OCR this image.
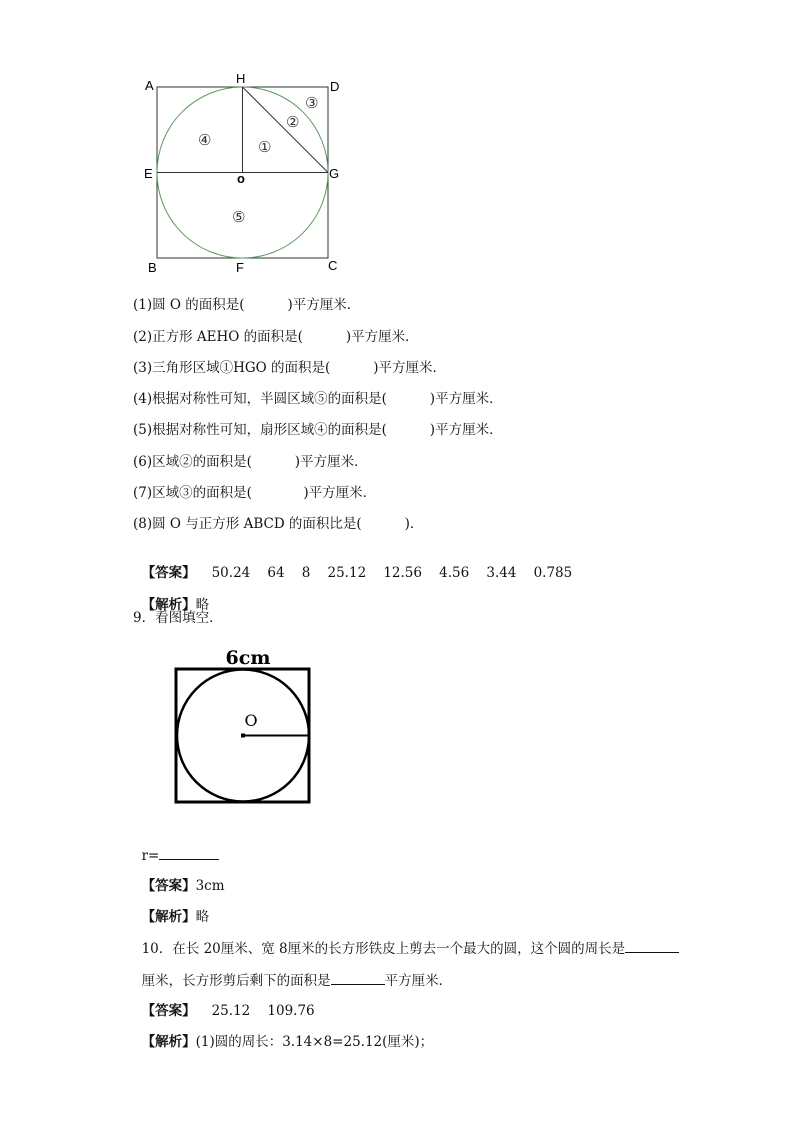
A	H
D
E	o	G
B	F	C
①
②
③
④
⑤
(1)圆 O 的面积是(          )平方厘米．
(2)正方形 AEHO 的面积是(          )平方厘米．
(3)三角形区域①HGO 的面积是(          )平方厘米．
(4)根据对称性可知，半圆区域⑤的面积是(          )平方厘米．
(5)根据对称性可知，扇形区域④的面积是(          )平方厘米．
(6)区域②的面积是(          )平方厘米．
(7)区域③的面积是(            )平方厘米．
(8)圆 O 与正方形 ABCD 的面积比是(          )．

【答案】 50.24    64    8    25.12    12.56    4.56    3.44    0.785

【解析】略

9．看图填空．
6cm
O

r=

【答案】3cm

【解析】略

10．在长 20厘米、宽 8厘米的长方形铁皮上剪去一个最大的圆，这个圆的周长是

厘米，长方形剪后剩下的面积是	平方厘米．

【答案】 25.12    109.76

【解析】(1)圆的周长：3.14×8=25.12(厘米)；
